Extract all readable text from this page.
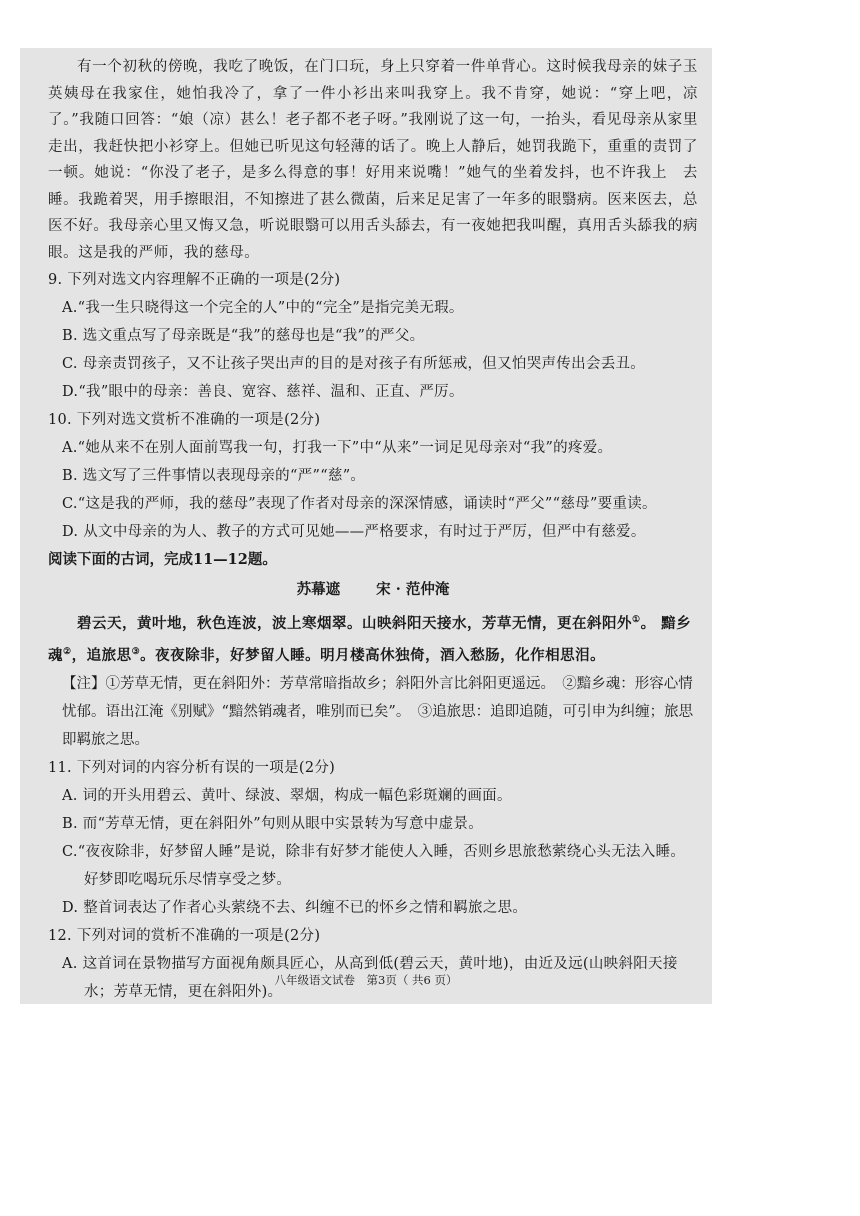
有一个初秋的傍晚，我吃了晚饭，在门口玩，身上只穿着一件单背心。这时候我母亲的妹子玉英姨母在我家住，她怕我冷了，拿了一件小衫出来叫我穿上。我不肯穿，她说：“穿上吧，凉了。”我随口回答：“娘（凉）甚么！老子都不老子呀。”我刚说了这一句，一抬头，看见母亲从家里走出，我赶快把小衫穿上。但她已听见这句轻薄的话了。晚上人静后，她罚我跪下，重重的责罚了一顿。她说：“你没了老子，是多么得意的事！好用来说嘴！”她气的坐着发抖，也不许我上　去睡。我跪着哭，用手擦眼泪，不知擦进了甚么微菌，后来足足害了一年多的眼翳病。医来医去，总医不好。我母亲心里又悔又急，听说眼翳可以用舌头舔去，有一夜她把我叫醒，真用舌头舔我的病眼。这是我的严师，我的慈母。

9. 下列对选文内容理解不正确的一项是(2分)

A.“我一生只晓得这一个完全的人”中的“完全”是指完美无瑕。

B. 选文重点写了母亲既是“我”的慈母也是“我”的严父。

C. 母亲责罚孩子，又不让孩子哭出声的目的是对孩子有所惩戒，但又怕哭声传出会丢丑。

D.“我”眼中的母亲：善良、宽容、慈祥、温和、正直、严厉。

10. 下列对选文赏析不准确的一项是(2分)

A.“她从来不在别人面前骂我一句，打我一下”中“从来”一词足见母亲对“我”的疼爱。

B. 选文写了三件事情以表现母亲的“严”“慈”。

C.“这是我的严师，我的慈母”表现了作者对母亲的深深情感，诵读时“严父”“慈母”要重读。

D. 从文中母亲的为人、教子的方式可见她——严格要求，有时过于严厉，但严中有慈爱。

阅读下面的古词，完成11—12题。

苏幕遮 宋 · 范仲淹

碧云天，黄叶地，秋色连波，波上寒烟翠。山映斜阳天接水，芳草无情，更在斜阳外①。 黯乡魂②，追旅思③。夜夜除非，好梦留人睡。明月楼高休独倚，酒入愁肠，化作相思泪。

【注】①芳草无情，更在斜阳外：芳草常暗指故乡；斜阳外言比斜阳更遥远。　②黯乡魂：形容心情忧郁。语出江淹《别赋》“黯然销魂者，唯别而已矣”。　③追旅思：追即追随，可引申为纠缠；旅思即羁旅之思。

11. 下列对词的内容分析有误的一项是(2分)

A. 词的开头用碧云、黄叶、绿波、翠烟，构成一幅色彩斑斓的画面。

B. 而“芳草无情，更在斜阳外”句则从眼中实景转为写意中虚景。

C.“夜夜除非，好梦留人睡”是说，除非有好梦才能使人入睡，否则乡思旅愁萦绕心头无法入睡。

好梦即吃喝玩乐尽情享受之梦。

D. 整首词表达了作者心头萦绕不去、纠缠不已的怀乡之情和羁旅之思。

12. 下列对词的赏析不准确的一项是(2分)

A. 这首词在景物描写方面视角颇具匠心，从高到低(碧云天，黄叶地)，由近及远(山映斜阳天接

水；芳草无情，更在斜阳外)。

八年级语文试卷　第3页（ 共6 页）
